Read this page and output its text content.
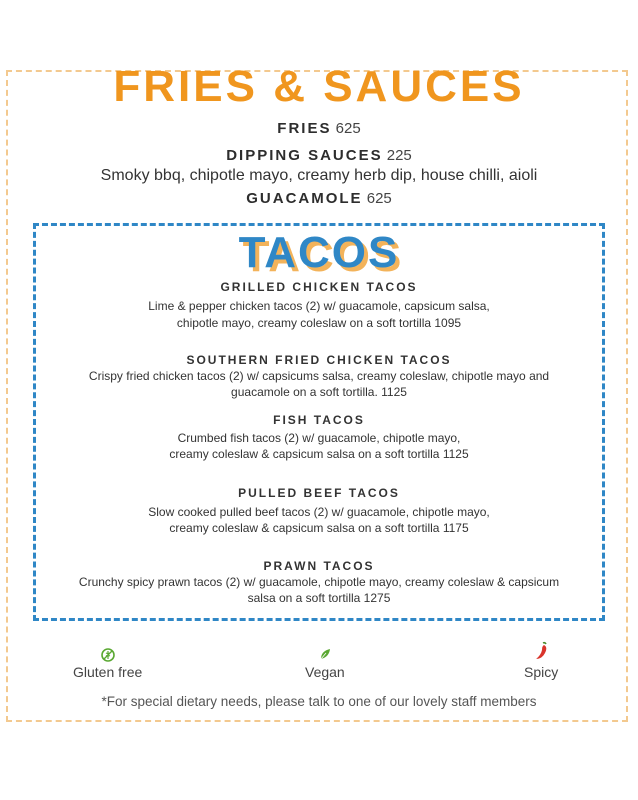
FRIES & SAUCES
FRIES 625
DIPPING SAUCES 225
Smoky bbq, chipotle mayo, creamy herb dip, house chilli, aioli
GUACAMOLE 625
TACOS
GRILLED CHICKEN TACOS
Lime & pepper chicken tacos (2) w/ guacamole, capsicum salsa,
chipotle mayo, creamy coleslaw on a soft tortilla 1095
SOUTHERN FRIED CHICKEN TACOS
Crispy fried chicken tacos (2) w/ capsicums salsa, creamy coleslaw, chipotle mayo and
guacamole on a soft tortilla. 1125
FISH TACOS
Crumbed fish tacos (2) w/ guacamole, chipotle mayo,
creamy coleslaw & capsicum salsa on a soft tortilla 1125
PULLED BEEF TACOS
Slow cooked pulled beef tacos (2) w/ guacamole, chipotle mayo,
creamy coleslaw & capsicum salsa on a soft tortilla 1175
PRAWN TACOS
Crunchy spicy prawn tacos (2) w/ guacamole, chipotle mayo, creamy coleslaw & capsicum
salsa on a soft tortilla 1275
Gluten free	Vegan	Spicy
*For special dietary needs, please talk to one of our lovely staff members
